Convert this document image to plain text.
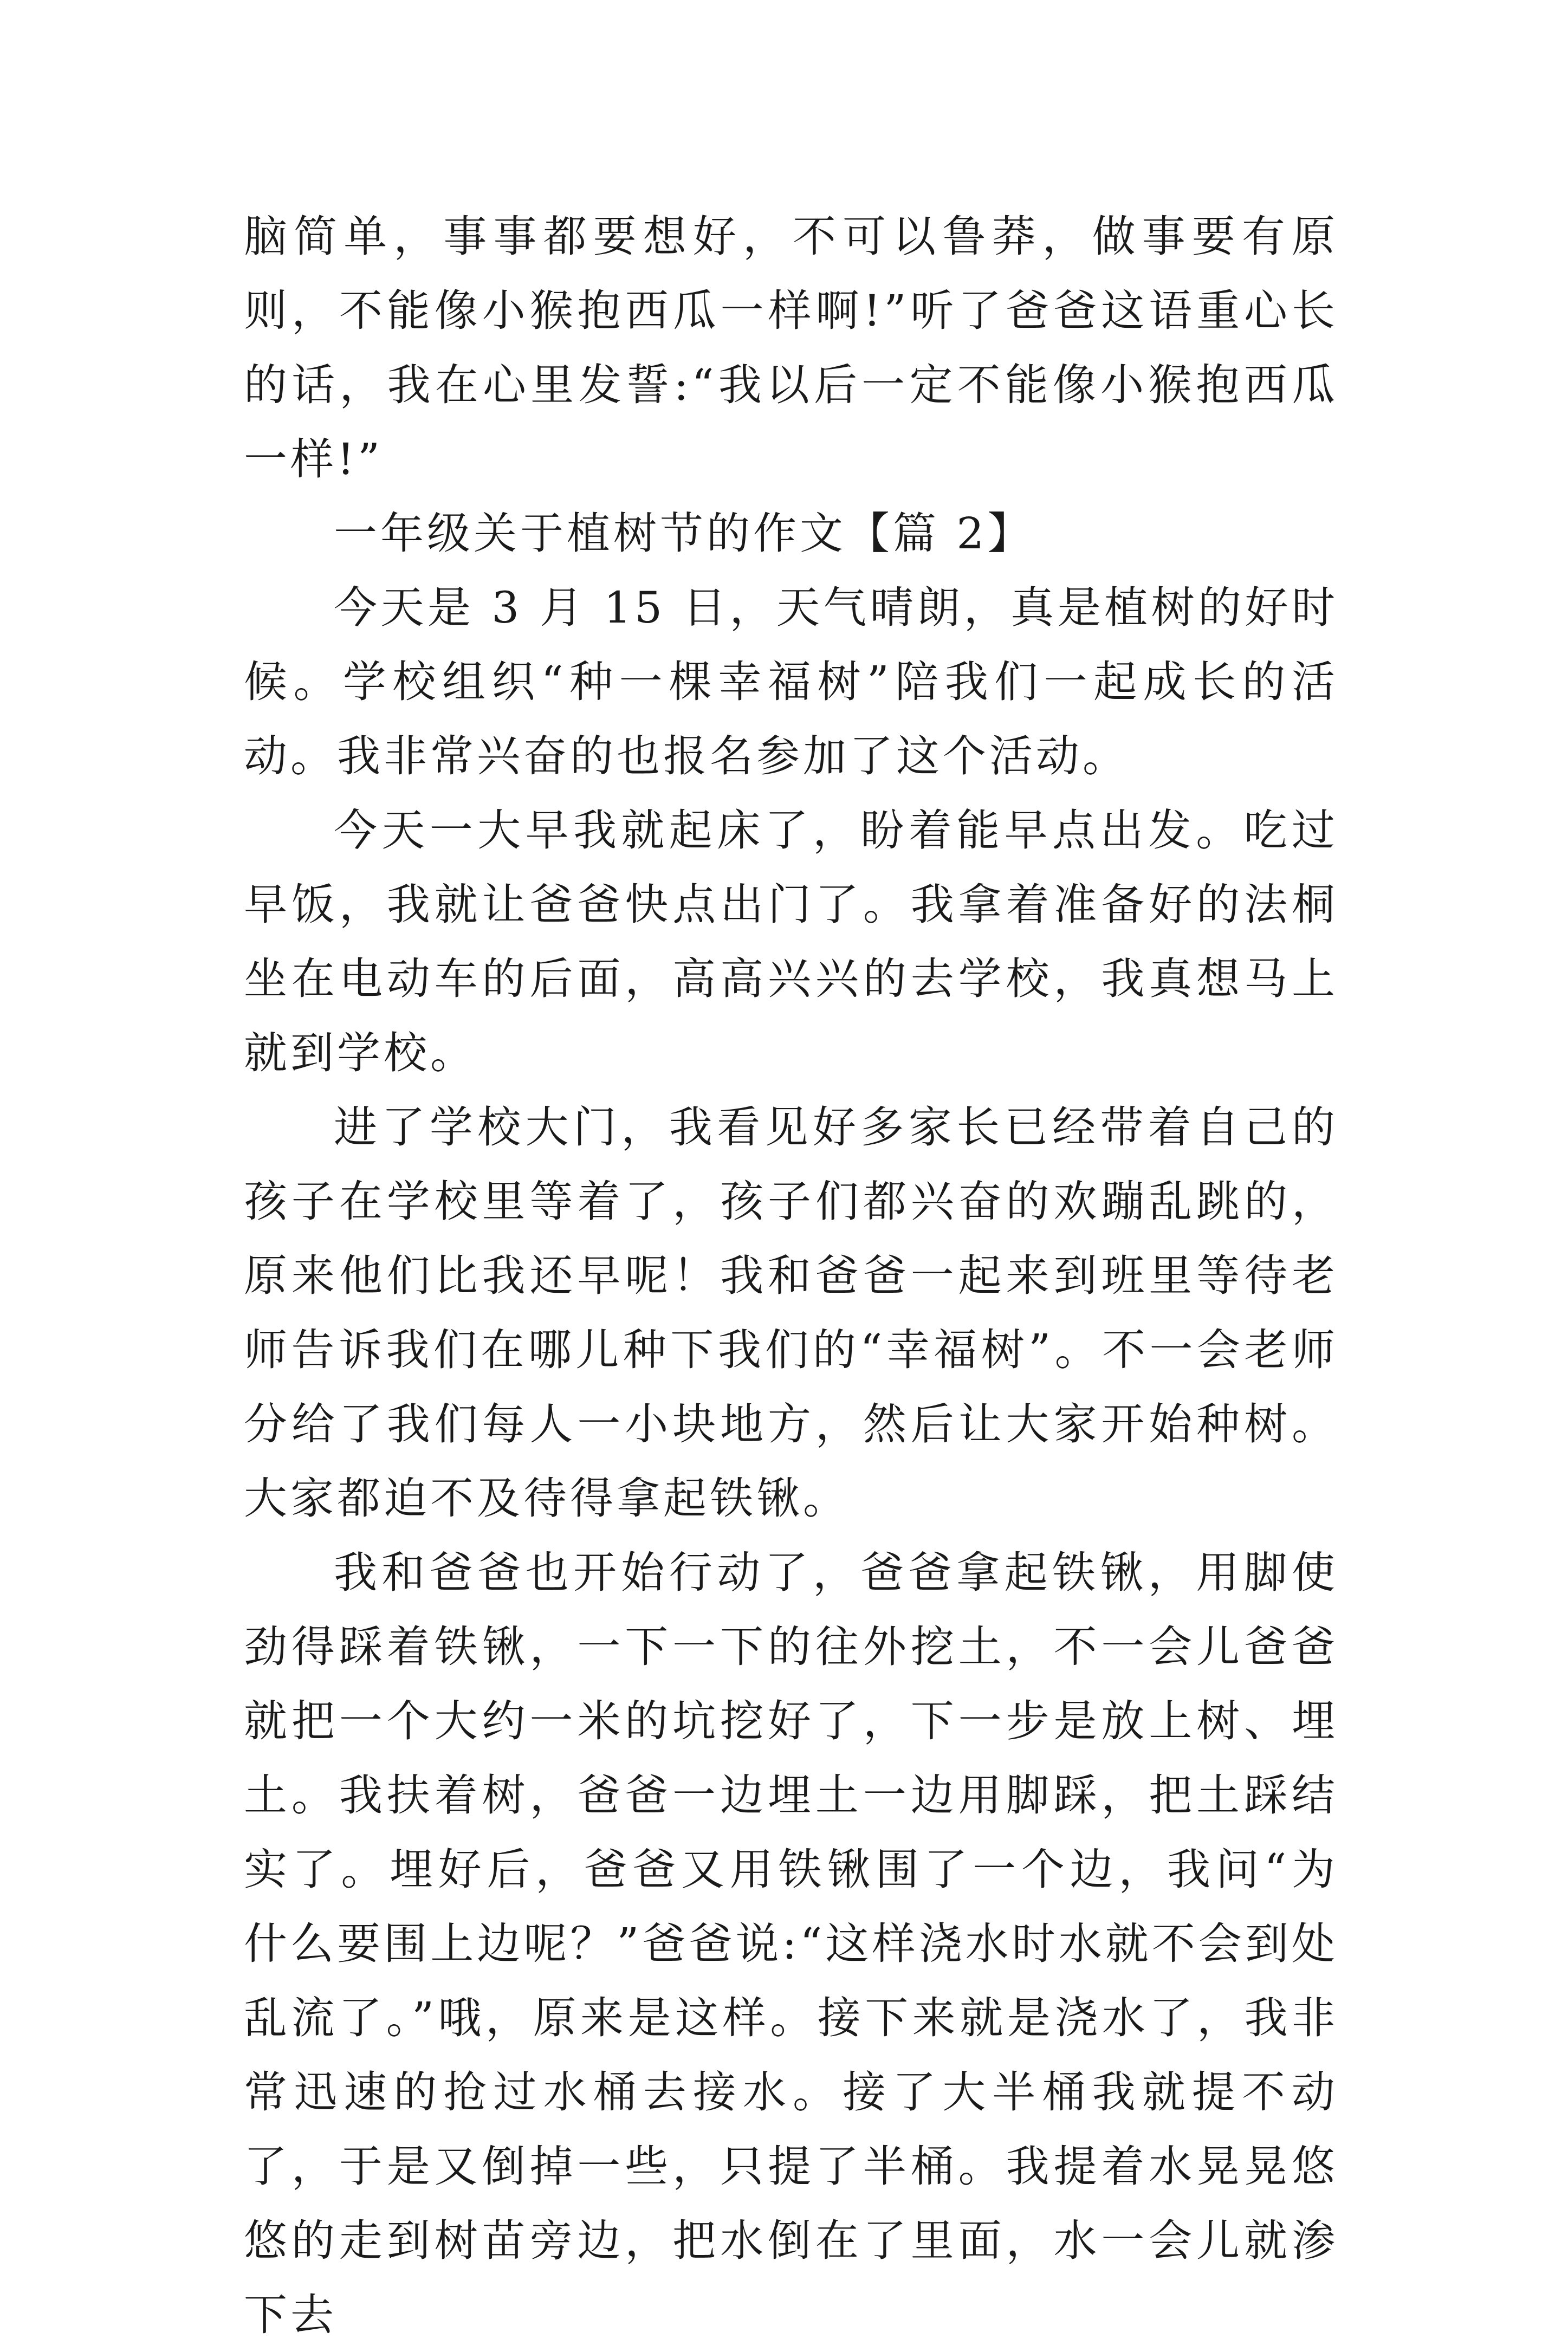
脑简单，事事都要想好，不可以鲁莽，做事要有原则，不能像小猴抱西瓜一样啊!”听了爸爸这语重心长的话，我在心里发誓:“我以后一定不能像小猴抱西瓜一样!”

一年级关于植树节的作文【篇 2】

今天是 3 月 15 日，天气晴朗，真是植树的好时候。学校组织“种一棵幸福树”陪我们一起成长的活动。我非常兴奋的也报名参加了这个活动。

今天一大早我就起床了，盼着能早点出发。吃过早饭，我就让爸爸快点出门了。我拿着准备好的法桐坐在电动车的后面，高高兴兴的去学校，我真想马上就到学校。

进了学校大门，我看见好多家长已经带着自己的孩子在学校里等着了，孩子们都兴奋的欢蹦乱跳的，原来他们比我还早呢！我和爸爸一起来到班里等待老师告诉我们在哪儿种下我们的“幸福树”。不一会老师分给了我们每人一小块地方，然后让大家开始种树。大家都迫不及待得拿起铁锹。

我和爸爸也开始行动了，爸爸拿起铁锹，用脚使劲得踩着铁锹，一下一下的往外挖土，不一会儿爸爸就把一个大约一米的坑挖好了，下一步是放上树、埋土。我扶着树，爸爸一边埋土一边用脚踩，把土踩结实了。埋好后，爸爸又用铁锹围了一个边，我问“为什么要围上边呢？”爸爸说:“这样浇水时水就不会到处乱流了。”哦，原来是这样。接下来就是浇水了，我非常迅速的抢过水桶去接水。接了大半桶我就提不动了，于是又倒掉一些，只提了半桶。我提着水晃晃悠悠的走到树苗旁边，把水倒在了里面，水一会儿就渗下去
